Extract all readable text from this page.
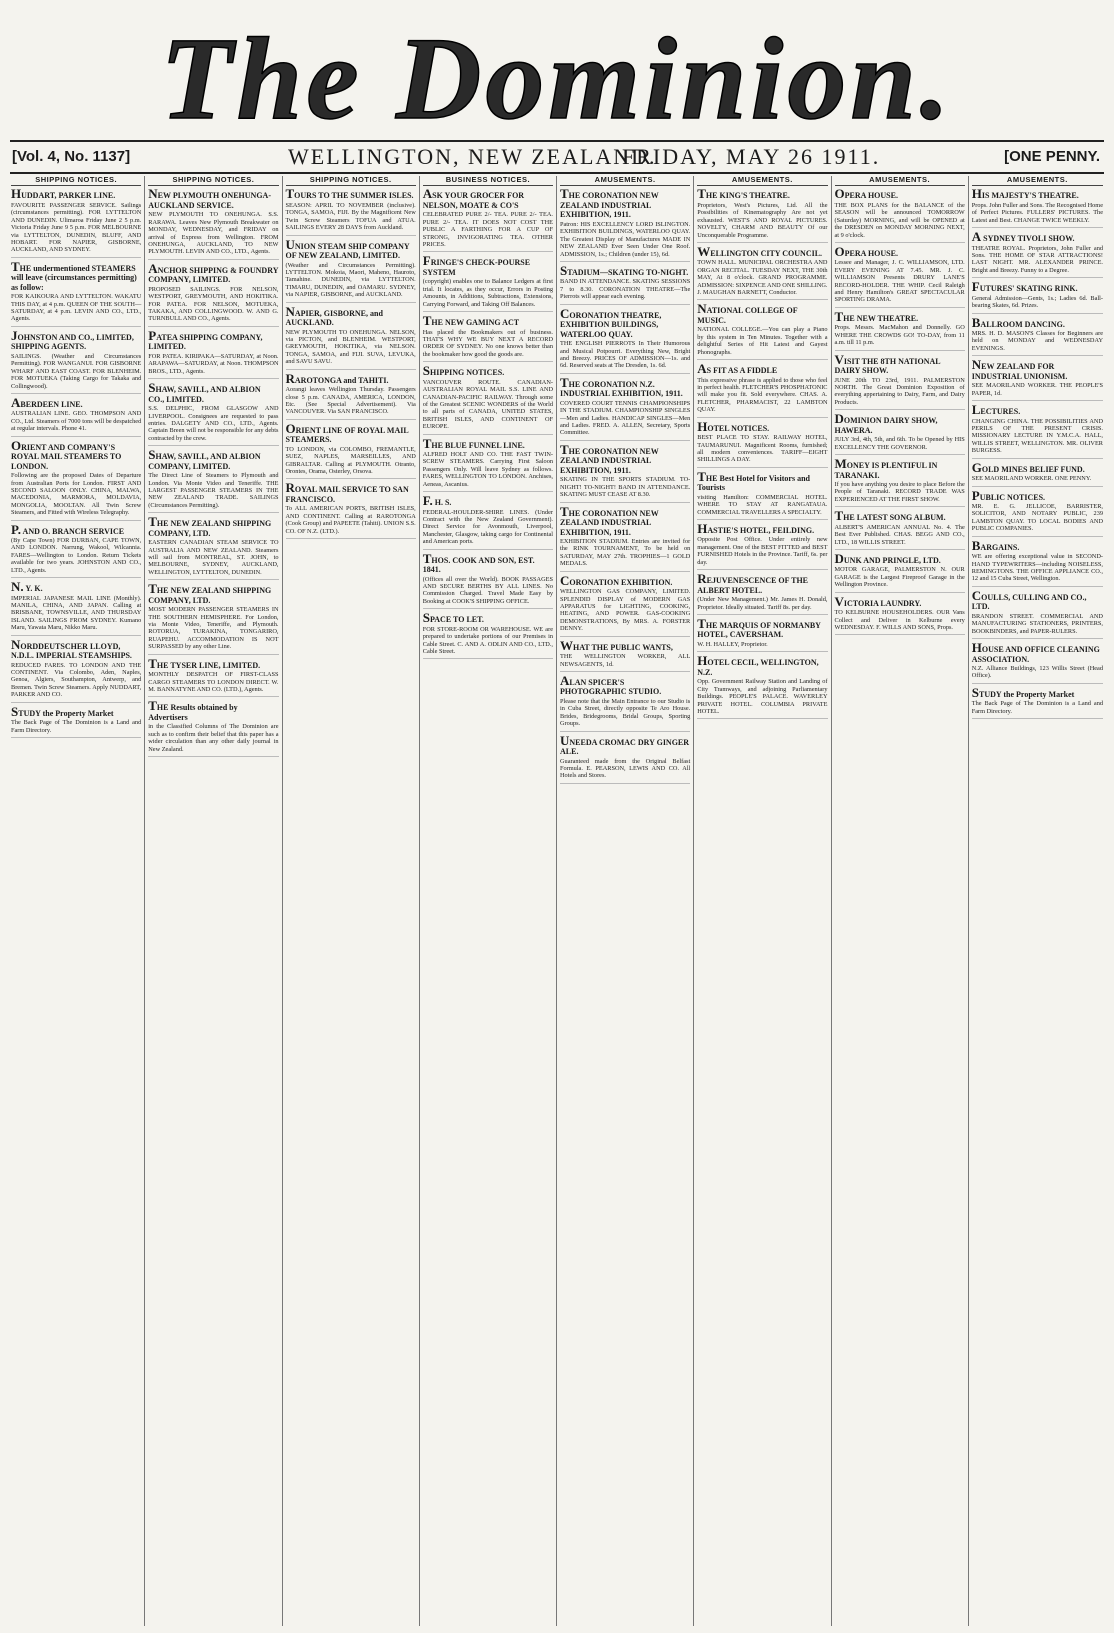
The Dominion.
[Vol. 4, No. 1137]	WELLINGTON, NEW ZEALAND.
FRIDAY, MAY 26 1911.	[ONE PENNY.
SHIPPING NOTICES.
HUDDART, PARKER LINE.
FAVOURITE PASSENGER SERVICE. Sailings (circumstances permitting). FOR LYTTELTON AND DUNEDIN. Ulimaroa Friday June 2 5 p.m. Victoria Friday June 9 5 p.m. FOR MELBOURNE via LYTTELTON, DUNEDIN, BLUFF, AND HOBART. FOR NAPIER, GISBORNE, AUCKLAND, AND SYDNEY.
THE undermentioned STEAMERS will leave (circumstances permitting) as follow:
FOR KAIKOURA AND LYTTELTON. WAKATU THIS DAY, at 4 p.m. QUEEN OF THE SOUTH—SATURDAY, at 4 p.m. LEVIN AND CO., LTD., Agents.
JOHNSTON AND CO., LIMITED, SHIPPING AGENTS.
SAILINGS. (Weather and Circumstances Permitting). FOR WANGANUI. FOR GISBORNE WHARF AND EAST COAST. FOR BLENHEIM. FOR MOTUEKA (Taking Cargo for Takaka and Collingwood).
ABERDEEN LINE.
AUSTRALIAN LINE. GEO. THOMPSON AND CO., Ltd. Steamers of 7000 tons will be despatched at regular intervals. Phone 41.
ORIENT AND COMPANY'S ROYAL MAIL STEAMERS TO LONDON.
Following are the proposed Dates of Departure from Australian Ports for London. FIRST AND SECOND SALOON ONLY. CHINA, MALWA, MACEDONIA, MARMORA, MOLDAVIA, MONGOLIA, MOOLTAN. All Twin Screw Steamers, and Fitted with Wireless Telegraphy.
P. AND O. BRANCH SERVICE
(By Cape Town) FOR DURBAN, CAPE TOWN, AND LONDON. Narrung, Wakool, Wilcannia. FARES—Wellington to London. Return Tickets available for two years. JOHNSTON AND CO., LTD., Agents.
N. Y. K.
IMPERIAL JAPANESE MAIL LINE (Monthly). MANILA, CHINA, AND JAPAN. Calling at BRISBANE, TOWNSVILLE, AND THURSDAY ISLAND. SAILINGS FROM SYDNEY. Kumano Maru, Yawata Maru, Nikko Maru.
NORDDEUTSCHER LLOYD, N.D.L. IMPERIAL STEAMSHIPS.
REDUCED FARES. TO LONDON AND THE CONTINENT. Via Colombo, Aden, Naples, Genoa, Algiers, Southampton, Antwerp, and Bremen. Twin Screw Steamers. Apply NUDDART, PARKER AND CO.
STUDY the Property Market
The Back Page of The Dominion is a Land and Farm Directory.
SHIPPING NOTICES.
NEW PLYMOUTH ONEHUNGA-AUCKLAND SERVICE.
NEW PLYMOUTH TO ONEHUNGA. S.S. RARAWA. Leaves New Plymouth Breakwater on MONDAY, WEDNESDAY, and FRIDAY on arrival of Express from Wellington. FROM ONEHUNGA, AUCKLAND, TO NEW PLYMOUTH. LEVIN AND CO., LTD., Agents.
ANCHOR SHIPPING & FOUNDRY COMPANY, LIMITED.
PROPOSED SAILINGS. FOR NELSON, WESTPORT, GREYMOUTH, AND HOKITIKA. FOR PATEA. FOR NELSON, MOTUEKA, TAKAKA, AND COLLINGWOOD. W. AND G. TURNBULL AND CO., Agents.
PATEA SHIPPING COMPANY, LIMITED.
FOR PATEA. KIRIPAKA—SATURDAY, at Noon. ARAPAWA—SATURDAY, at Noon. THOMPSON BROS., LTD., Agents.
SHAW, SAVILL, AND ALBION CO., LIMITED.
S.S. DELPHIC, FROM GLASGOW AND LIVERPOOL. Consignees are requested to pass entries. DALGETY AND CO., LTD., Agents. Captain Breen will not be responsible for any debts contracted by the crew.
SHAW, SAVILL, AND ALBION COMPANY, LIMITED.
The Direct Line of Steamers to Plymouth and London. Via Monte Video and Teneriffe. THE LARGEST PASSENGER STEAMERS IN THE NEW ZEALAND TRADE. SAILINGS (Circumstances Permitting).
THE NEW ZEALAND SHIPPING COMPANY, LTD.
EASTERN CANADIAN STEAM SERVICE TO AUSTRALIA AND NEW ZEALAND. Steamers will sail from MONTREAL, ST. JOHN, to MELBOURNE, SYDNEY, AUCKLAND, WELLINGTON, LYTTELTON, DUNEDIN.
THE NEW ZEALAND SHIPPING COMPANY, LTD.
MOST MODERN PASSENGER STEAMERS IN THE SOUTHERN HEMISPHERE. For London, via Monte Video, Teneriffe, and Plymouth. ROTORUA, TURAKINA, TONGARIRO, RUAPEHU. ACCOMMODATION IS NOT SURPASSED by any other Line.
THE TYSER LINE, LIMITED.
MONTHLY DESPATCH OF FIRST-CLASS CARGO STEAMERS TO LONDON DIRECT. W. M. BANNATYNE AND CO. (LTD.), Agents.
THE Results obtained by Advertisers
in the Classified Columns of The Dominion are such as to confirm their belief that this paper has a wider circulation than any other daily journal in New Zealand.
SHIPPING NOTICES.
TOURS TO THE SUMMER ISLES.
SEASON: APRIL TO NOVEMBER (inclusive). TONGA, SAMOA, FIJI. By the Magnificent New Twin Screw Steamers TOFUA and ATUA. SAILINGS EVERY 28 DAYS from Auckland.
UNION STEAM SHIP COMPANY OF NEW ZEALAND, LIMITED.
(Weather and Circumstances Permitting). LYTTELTON. Mokoia, Maori, Maheno, Hauroto, Tamahine. DUNEDIN, via LYTTELTON. TIMARU, DUNEDIN, and OAMARU. SYDNEY, via NAPIER, GISBORNE, and AUCKLAND.
NAPIER, GISBORNE, and AUCKLAND.
NEW PLYMOUTH TO ONEHUNGA. NELSON, via PICTON, and BLENHEIM. WESTPORT, GREYMOUTH, HOKITIKA, via NELSON. TONGA, SAMOA, and FIJI. SUVA, LEVUKA, and SAVU SAVU.
RAROTONGA and TAHITI.
Aorangi leaves Wellington Thursday. Passengers close 5 p.m. CANADA, AMERICA, LONDON, Etc. (See Special Advertisement). Via VANCOUVER. Via SAN FRANCISCO.
ORIENT LINE OF ROYAL MAIL STEAMERS.
TO LONDON, via COLOMBO, FREMANTLE, SUEZ, NAPLES, MARSEILLES, AND GIBRALTAR. Calling at PLYMOUTH. Otranto, Orontes, Orama, Osterley, Orsova.
ROYAL MAIL SERVICE TO SAN FRANCISCO.
To ALL AMERICAN PORTS, BRITISH ISLES, AND CONTINENT. Calling at RAROTONGA (Cook Group) and PAPEETE (Tahiti). UNION S.S. CO. OF N.Z. (LTD.).
BUSINESS NOTICES.
ASK YOUR GROCER FOR NELSON, MOATE & CO'S
CELEBRATED PURE 2/- TEA. PURE 2/- TEA. PURE 2/- TEA. IT DOES NOT COST THE PUBLIC A FARTHING FOR A CUP OF STRONG, INVIGORATING TEA. OTHER PRICES.
FRINGE'S CHECK-POURSE SYSTEM
(copyright) enables one to Balance Ledgers at first trial. It locates, as they occur, Errors in Posting Amounts, in Additions, Subtractions, Extensions, Carrying Forward, and Taking Off Balances.
THE NEW GAMING ACT
Has placed the Bookmakers out of business. THAT'S WHY WE BUY NEXT A RECORD ORDER OF SYDNEY. No one knows better than the bookmaker how good the goods are.
SHIPPING NOTICES.
VANCOUVER ROUTE. CANADIAN-AUSTRALIAN ROYAL MAIL S.S. LINE AND CANADIAN-PACIFIC RAILWAY. Through some of the Greatest SCENIC WONDERS of the World to all parts of CANADA, UNITED STATES, BRITISH ISLES, AND CONTINENT OF EUROPE.
THE BLUE FUNNEL LINE.
ALFRED HOLT AND CO. THE FAST TWIN-SCREW STEAMERS. Carrying First Saloon Passengers Only. Will leave Sydney as follows. FARES, WELLINGTON TO LONDON. Anchises, Aeneas, Ascanius.
F. H. S.
FEDERAL-HOULDER-SHIRE LINES. (Under Contract with the New Zealand Government). Direct Service for Avonmouth, Liverpool, Manchester, Glasgow, taking cargo for Continental and American ports.
THOS. COOK AND SON, EST. 1841.
(Offices all over the World). BOOK PASSAGES AND SECURE BERTHS BY ALL LINES. No Commission Charged. Travel Made Easy by Booking at COOK'S SHIPPING OFFICE.
SPACE TO LET.
FOR STORE-ROOM OR WAREHOUSE. WE are prepared to undertake portions of our Premises in Cable Street. C. AND A. ODLIN AND CO., LTD., Cable Street.
AMUSEMENTS.
THE CORONATION NEW ZEALAND INDUSTRIAL EXHIBITION, 1911.
Patron: HIS EXCELLENCY LORD ISLINGTON. EXHIBITION BUILDINGS, WATERLOO QUAY. The Greatest Display of Manufactures MADE IN NEW ZEALAND Ever Seen Under One Roof. ADMISSION, 1s.; Children (under 15), 6d.
STADIUM—SKATING TO-NIGHT.
BAND IN ATTENDANCE. SKATING SESSIONS 7 to 8.30. CORONATION THEATRE—The Pierrots will appear each evening.
CORONATION THEATRE, EXHIBITION BUILDINGS, WATERLOO QUAY.
THE ENGLISH PIERROTS In Their Humorous and Musical Potpourri. Everything New, Bright and Breezy. PRICES OF ADMISSION—1s. and 6d. Reserved seats at The Dresden, 1s. 6d.
THE CORONATION N.Z. INDUSTRIAL EXHIBITION, 1911.
COVERED COURT TENNIS CHAMPIONSHIPS IN THE STADIUM. CHAMPIONSHIP SINGLES—Men and Ladies. HANDICAP SINGLES—Men and Ladies. FRED. A. ALLEN, Secretary, Sports Committee.
THE CORONATION NEW ZEALAND INDUSTRIAL EXHIBITION, 1911.
SKATING IN THE SPORTS STADIUM. TO-NIGHT! TO-NIGHT! BAND IN ATTENDANCE. SKATING MUST CEASE AT 8.30.
THE CORONATION NEW ZEALAND INDUSTRIAL EXHIBITION, 1911.
EXHIBITION STADIUM. Entries are invited for the RINK TOURNAMENT, To be held on SATURDAY, MAY 27th. TROPHIES—1 GOLD MEDALS.
CORONATION EXHIBITION.
WELLINGTON GAS COMPANY, LIMITED. SPLENDID DISPLAY of MODERN GAS APPARATUS for LIGHTING, COOKING, HEATING, AND POWER. GAS-COOKING DEMONSTRATIONS, By MRS. A. FORSTER DENNY.
WHAT THE PUBLIC WANTS,
THE WELLINGTON WORKER, ALL NEWSAGENTS, 1d.
ALAN SPICER'S PHOTOGRAPHIC STUDIO.
Please note that the Main Entrance to our Studio is in Cuba Street, directly opposite Te Aro House. Brides, Bridegrooms, Bridal Groups, Sporting Groups.
UNEEDA CROMAC DRY GINGER ALE.
Guaranteed made from the Original Belfast Formula. E. PEARSON, LEWIS AND CO. All Hotels and Stores.
AMUSEMENTS.
THE KING'S THEATRE.
Proprietors, West's Pictures, Ltd. All the Possibilities of Kinematography Are not yet exhausted. WEST'S AND ROYAL PICTURES. NOVELTY, CHARM AND BEAUTY Of our Unconquerable Programme.
WELLINGTON CITY COUNCIL.
TOWN HALL. MUNICIPAL ORCHESTRA AND ORGAN RECITAL. TUESDAY NEXT, THE 30th MAY, At 8 o'clock. GRAND PROGRAMME. ADMISSION: SIXPENCE AND ONE SHILLING. J. MAUGHAN BARNETT, Conductor.
NATIONAL COLLEGE OF MUSIC.
NATIONAL COLLEGE.—You can play a Piano by this system in Ten Minutes. Together with a delightful Series of Hit Latest and Gayest Phonographs.
AS FIT AS A FIDDLE
This expressive phrase is applied to those who feel in perfect health. FLETCHER'S PHOSPHATONIC will make you fit. Sold everywhere. CHAS. A. FLETCHER, PHARMACIST, 22 LAMBTON QUAY.
HOTEL NOTICES.
BEST PLACE TO STAY. RAILWAY HOTEL, TAUMARUNUI. Magnificent Rooms, furnished; all modern conveniences. TARIFF—EIGHT SHILLINGS A DAY.
THE Best Hotel for Visitors and Tourists
visiting Hamilton: COMMERCIAL HOTEL. WHERE TO STAY AT RANGATAUA. COMMERCIAL TRAVELLERS A SPECIALTY.
HASTIE'S HOTEL, FEILDING.
Opposite Post Office. Under entirely new management. One of the BEST FITTED and BEST FURNISHED Hotels in the Province. Tariff, 6s. per day.
REJUVENESCENCE OF THE ALBERT HOTEL.
(Under New Management.) Mr. James H. Donald, Proprietor. Ideally situated. Tariff 8s. per day.
THE MARQUIS OF NORMANBY HOTEL, CAVERSHAM.
W. H. HALLEY, Proprietor.
HOTEL CECIL, WELLINGTON, N.Z.
Opp. Government Railway Station and Landing of City Tramways, and adjoining Parliamentary Buildings. PEOPLE'S PALACE. WAVERLEY PRIVATE HOTEL. COLUMBIA PRIVATE HOTEL.
AMUSEMENTS.
OPERA HOUSE.
THE BOX PLANS for the BALANCE of the SEASON will be announced TOMORROW (Saturday) MORNING, and will be OPENED at the DRESDEN on MONDAY MORNING NEXT, at 9 o'clock.
OPERA HOUSE.
Lessee and Manager, J. C. WILLIAMSON, LTD. EVERY EVENING AT 7.45. MR. J. C. WILLIAMSON Presents DRURY LANE'S RECORD-HOLDER. THE WHIP. Cecil Raleigh and Henry Hamilton's GREAT SPECTACULAR SPORTING DRAMA.
THE NEW THEATRE.
Props. Messrs. MacMahon and Donnelly. GO WHERE THE CROWDS GO! TO-DAY, from 11 a.m. till 11 p.m.
VISIT THE 8TH NATIONAL DAIRY SHOW.
JUNE 20th TO 23rd, 1911. PALMERSTON NORTH. The Great Dominion Exposition of everything appertaining to Dairy, Farm, and Dairy Products.
DOMINION DAIRY SHOW, HAWERA.
JULY 3rd, 4th, 5th, and 6th. To be Opened by HIS EXCELLENCY THE GOVERNOR.
MONEY IS PLENTIFUL IN TARANAKI.
If you have anything you desire to place Before the People of Taranaki. RECORD TRADE WAS EXPERIENCED AT THE FIRST SHOW.
THE LATEST SONG ALBUM.
ALBERT'S AMERICAN ANNUAL No. 4. The Best Ever Published. CHAS. BEGG AND CO., LTD., 18 WILLIS STREET.
DUNK AND PRINGLE, LTD.
MOTOR GARAGE, PALMERSTON N. OUR GARAGE is the Largest Fireproof Garage in the Wellington Province.
VICTORIA LAUNDRY.
TO KELBURNE HOUSEHOLDERS. OUR Vans Collect and Deliver in Kelburne every WEDNESDAY. F. WILLS AND SONS, Props.
AMUSEMENTS.
HIS MAJESTY'S THEATRE.
Props. John Fuller and Sons. The Recognised Home of Perfect Pictures. FULLERS' PICTURES. The Latest and Best. CHANGE TWICE WEEKLY.
A SYDNEY TIVOLI SHOW.
THEATRE ROYAL. Proprietors, John Fuller and Sons. THE HOME OF STAR ATTRACTIONS! LAST NIGHT. MR. ALEXANDER PRINCE. Bright and Breezy. Funny to a Degree.
FUTURES' SKATING RINK.
General Admission—Gents, 1s.; Ladies 6d. Ball-bearing Skates, 6d. Prizes.
BALLROOM DANCING.
MRS. H. D. MASON'S Classes for Beginners are held on MONDAY and WEDNESDAY EVENINGS.
NEW ZEALAND FOR INDUSTRIAL UNIONISM.
SEE MAORILAND WORKER. THE PEOPLE'S PAPER, 1d.
LECTURES.
CHANGING CHINA. THE POSSIBILITIES AND PERILS OF THE PRESENT CRISIS. MISSIONARY LECTURE IN Y.M.C.A. HALL, WILLIS STREET, WELLINGTON. MR. OLIVER BURGESS.
GOLD MINES BELIEF FUND.
SEE MAORILAND WORKER. ONE PENNY.
PUBLIC NOTICES.
MR. E. G. JELLICOE, BARRISTER, SOLICITOR, AND NOTARY PUBLIC, 239 LAMBTON QUAY. TO LOCAL BODIES AND PUBLIC COMPANIES.
BARGAINS.
WE are offering exceptional value in SECOND-HAND TYPEWRITERS—including NOISELESS, REMINGTONS. THE OFFICE APPLIANCE CO., 12 and 15 Cuba Street, Wellington.
COULLS, CULLING AND CO., LTD.
BRANDON STREET. COMMERCIAL AND MANUFACTURING STATIONERS, PRINTERS, BOOKBINDERS, and PAPER-RULERS.
HOUSE AND OFFICE CLEANING ASSOCIATION.
N.Z. Alliance Buildings, 123 Willis Street (Head Office).
STUDY the Property Market
The Back Page of The Dominion is a Land and Farm Directory.
